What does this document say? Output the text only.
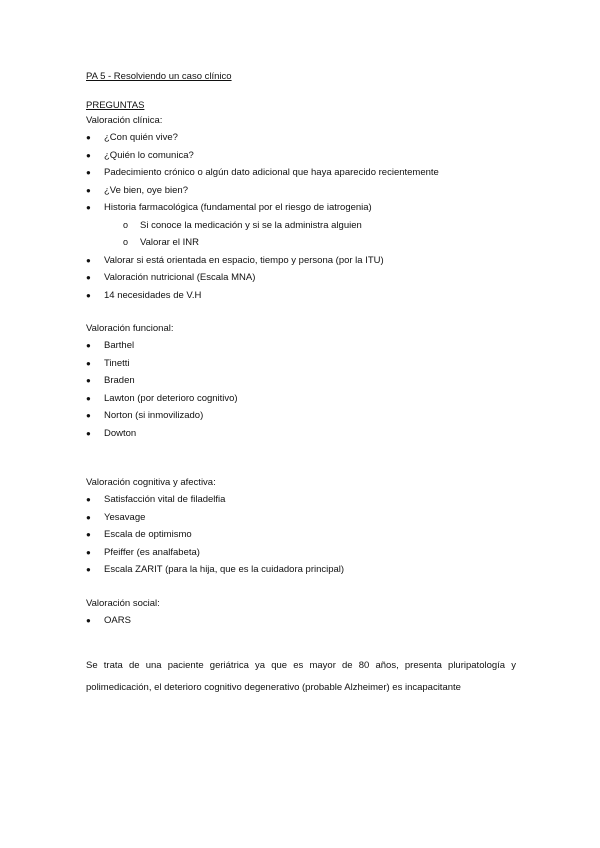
PA 5 - Resolviendo un caso clínico

PREGUNTAS

Valoración clínica:

● ¿Con quién vive?
● ¿Quién lo comunica?
● Padecimiento crónico o algún dato adicional que haya aparecido recientemente
● ¿Ve bien, oye bien?
● Historia farmacológica (fundamental por el riesgo de iatrogenia)
o Si conoce la medicación y si se la administra alguien
o Valorar el INR
● Valorar si está orientada en espacio, tiempo y persona (por la ITU)
● Valoración nutricional (Escala MNA)
● 14 necesidades de V.H

Valoración funcional:

● Barthel
● Tinetti
● Braden
● Lawton (por deterioro cognitivo)
● Norton (si inmovilizado)
● Dowton

Valoración cognitiva y afectiva:

● Satisfacción vital de filadelfia
● Yesavage
● Escala de optimismo
● Pfeiffer (es analfabeta)
● Escala ZARIT (para la hija, que es la cuidadora principal)

Valoración social:

● OARS

Se trata de una paciente geriátrica ya que es mayor de 80 años, presenta pluripatología y polimedicación, el deterioro cognitivo degenerativo (probable Alzheimer) es incapacitante
